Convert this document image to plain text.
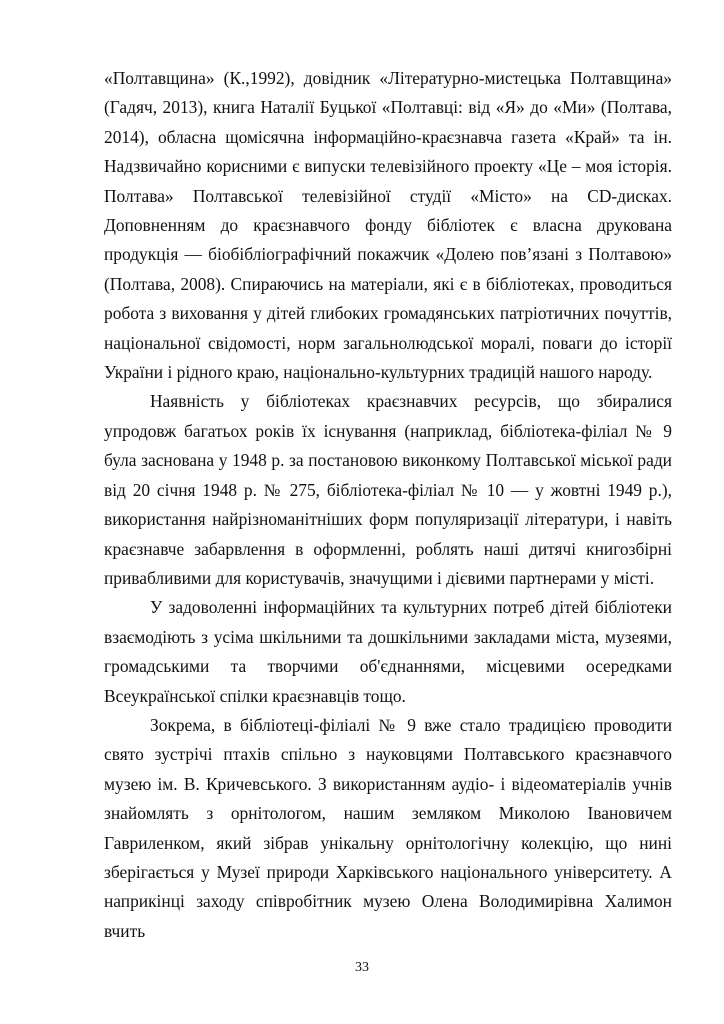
«Полтавщина» (К.,1992), довідник «Літературно-мистецька Полтавщина» (Гадяч, 2013), книга Наталії Буцької «Полтавці: від «Я» до «Ми» (Полтава, 2014), обласна щомісячна інформаційно-краєзнавча газета «Край» та ін. Надзвичайно корисними є випуски телевізійного проекту «Це – моя історія. Полтава» Полтавської телевізійної студії «Місто» на CD-дисках. Доповненням до краєзнавчого фонду бібліотек є власна друкована продукція — біобібліографічний покажчик «Долею пов’язані з Полтавою» (Полтава, 2008). Спираючись на матеріали, які є в бібліотеках, проводиться робота з виховання у дітей глибоких громадянських патріотичних почуттів, національної свідомості, норм загальнолюдської моралі, поваги до історії України і рідного краю, національно-культурних традицій нашого народу.

Наявність у бібліотеках краєзнавчих ресурсів, що збиралися упродовж багатьох років їх існування (наприклад, бібліотека-філіал № 9 була заснована у 1948 р. за постановою виконкому Полтавської міської ради від 20 січня 1948 р. № 275, бібліотека-філіал № 10 — у жовтні 1949 р.), використання найрізноманітніших форм популяризації літератури, і навіть краєзнавче забарвлення в оформленні, роблять наші дитячі книгозбірні привабливими для користувачів, значущими і дієвими партнерами у місті.

У задоволенні інформаційних та культурних потреб дітей бібліотеки взаємодіють з усіма шкільними та дошкільними закладами міста, музеями, громадськими та творчими об'єднаннями, місцевими осередками Всеукраїнської спілки краєзнавців тощо.

Зокрема, в бібліотеці-філіалі № 9 вже стало традицією проводити свято зустрічі птахів спільно з науковцями Полтавського краєзнавчого музею ім. В. Кричевського. З використанням аудіо- і відеоматеріалів учнів знайомлять з орнітологом, нашим земляком Миколою Івановичем Гавриленком, який зібрав унікальну орнітологічну колекцію, що нині зберігається у Музеї природи Харківського національного університету. А наприкінці заходу співробітник музею Олена Володимирівна Халимон вчить

33
